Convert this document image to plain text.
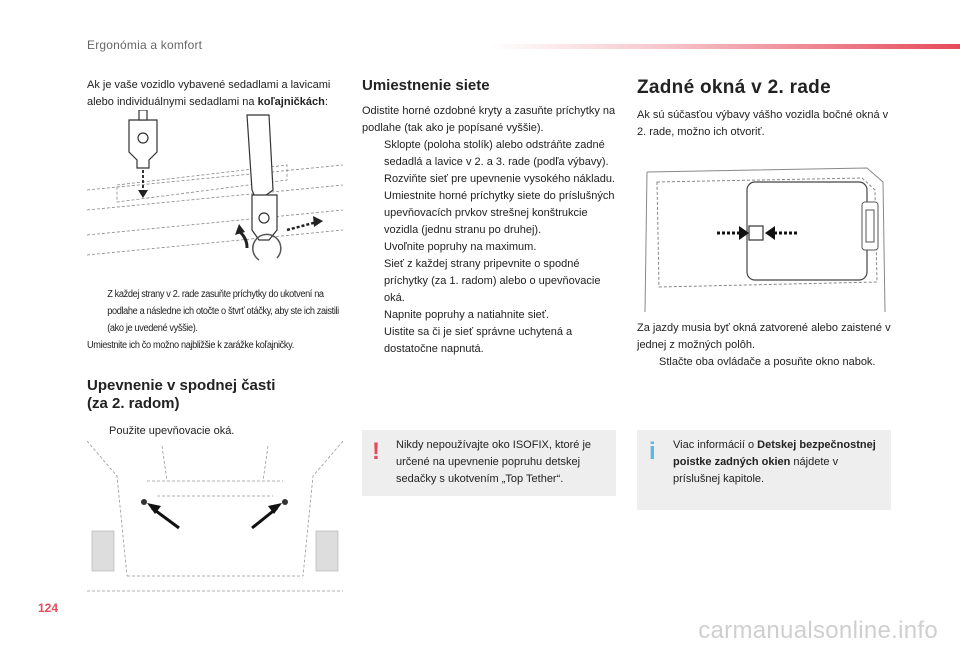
Ergonómia a komfort

Ak je vaše vozidlo vybavené sedadlami a lavicami alebo individuálnymi sedadlami na koľajničkách:

Z každej strany v 2. rade zasuňte príchytky do ukotvení na podlahe a následne ich otočte o štvrť otáčky, aby ste ich zaistili (ako je uvedené vyššie).
Umiestnite ich čo možno najbližšie k zarážke koľajničky.
Upevnenie v spodnej časti
(za 2. radom)
Použite upevňovacie oká.
Umiestnenie siete

Odistite horné ozdobné kryty a zasuňte príchytky na podlahe (tak ako je popísané vyššie).

Sklopte (poloha stolík) alebo odstráňte zadné sedadlá a lavice v 2. a 3. rade (podľa výbavy).
Rozviňte sieť pre upevnenie vysokého nákladu.
Umiestnite horné príchytky siete do príslušných upevňovacích prvkov strešnej konštrukcie vozidla (jednu stranu po druhej).
Uvoľnite popruhy na maximum.
Sieť z každej strany pripevnite o spodné príchytky (za 1. radom) alebo o upevňovacie oká.
Napnite popruhy a natiahnite sieť.
Uistite sa či je sieť správne uchytená a dostatočne napnutá.
! Nikdy nepoužívajte oko ISOFIX, ktoré je určené na upevnenie popruhu detskej sedačky s ukotvením „Top Tether“.
Zadné okná v 2. rade

Ak sú súčasťou výbavy vášho vozidla bočné okná v 2. rade, možno ich otvoriť.

Za jazdy musia byť okná zatvorené alebo zaistené v jednej z možných polôh.

Stlačte oba ovládače a posuňte okno nabok.
i Viac informácií o Detskej bezpečnostnej poistke zadných okien nájdete v príslušnej kapitole.
124
carmanualsonline.info
